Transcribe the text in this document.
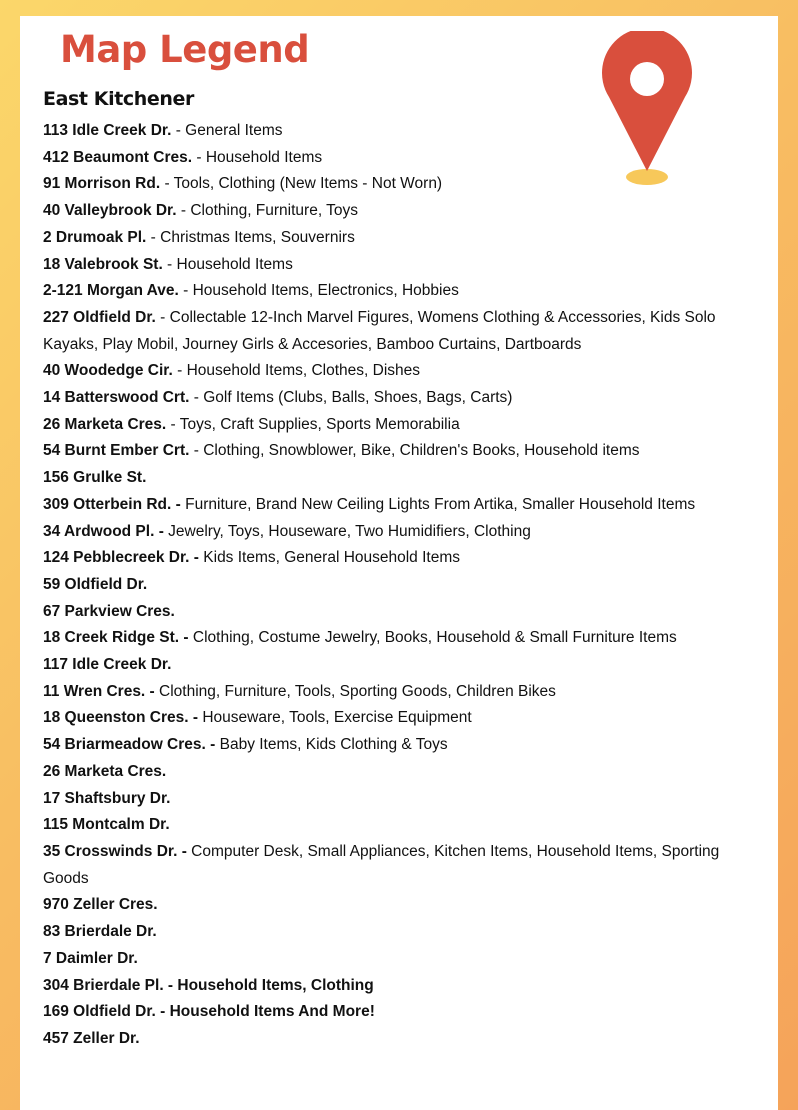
Map Legend
East Kitchener
113 Idle Creek Dr. - General Items
412 Beaumont Cres. - Household Items
91 Morrison Rd. - Tools, Clothing (New Items - Not Worn)
40 Valleybrook Dr. - Clothing, Furniture, Toys
2 Drumoak Pl. - Christmas Items, Souvernirs
18 Valebrook St. - Household Items
2-121 Morgan Ave. - Household Items, Electronics, Hobbies
227 Oldfield Dr. - Collectable 12-Inch Marvel Figures, Womens Clothing & Accessories, Kids Solo Kayaks, Play Mobil, Journey Girls & Accesories, Bamboo Curtains, Dartboards
40 Woodedge Cir. - Household Items, Clothes, Dishes
14 Batterswood Crt. - Golf Items (Clubs, Balls, Shoes, Bags, Carts)
26 Marketa Cres. - Toys, Craft Supplies, Sports Memorabilia
54 Burnt Ember Crt. - Clothing, Snowblower, Bike, Children's Books, Household items
156 Grulke St.
309 Otterbein Rd. - Furniture, Brand New Ceiling Lights From Artika, Smaller Household Items
34 Ardwood Pl. - Jewelry, Toys, Houseware, Two Humidifiers, Clothing
124 Pebblecreek Dr. - Kids Items, General Household Items
59 Oldfield Dr.
67 Parkview Cres.
18 Creek Ridge St. - Clothing, Costume Jewelry, Books, Household & Small Furniture Items
117 Idle Creek Dr.
11 Wren Cres. - Clothing, Furniture, Tools, Sporting Goods, Children Bikes
18 Queenston Cres. - Houseware, Tools, Exercise Equipment
54 Briarmeadow Cres. - Baby Items, Kids Clothing & Toys
26 Marketa Cres.
17 Shaftsbury Dr.
115 Montcalm Dr.
35 Crosswinds Dr. - Computer Desk, Small Appliances, Kitchen Items, Household Items, Sporting Goods
970 Zeller Cres.
83 Brierdale Dr.
7 Daimler Dr.
304 Brierdale Pl. - Household Items, Clothing
169 Oldfield Dr. - Household Items And More!
457 Zeller Dr.
